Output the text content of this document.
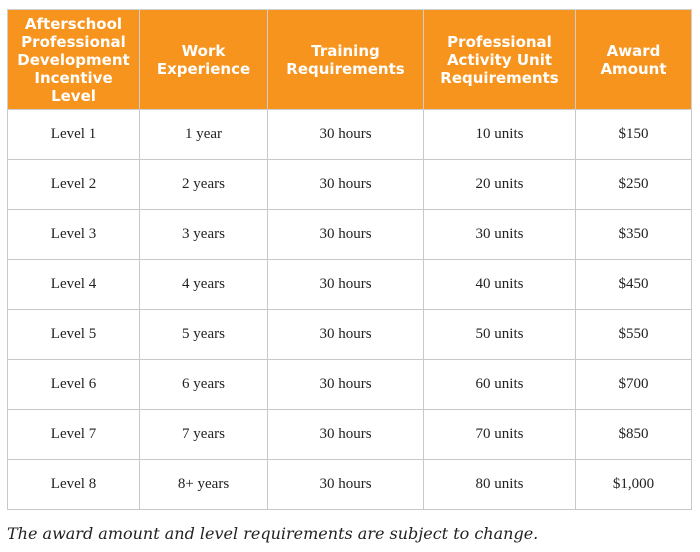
Afterschool Professional Development Incentive Level	Work Experience	Training Requirements	Professional Activity Unit Requirements	Award Amount
Level 1	1 year	30 hours	10 units	$150
Level 2	2 years	30 hours	20 units	$250
Level 3	3 years	30 hours	30 units	$350
Level 4	4 years	30 hours	40 units	$450
Level 5	5 years	30 hours	50 units	$550
Level 6	6 years	30 hours	60 units	$700
Level 7	7 years	30 hours	70 units	$850
Level 8	8+ years	30 hours	80 units	$1,000
The award amount and level requirements are subject to change.
